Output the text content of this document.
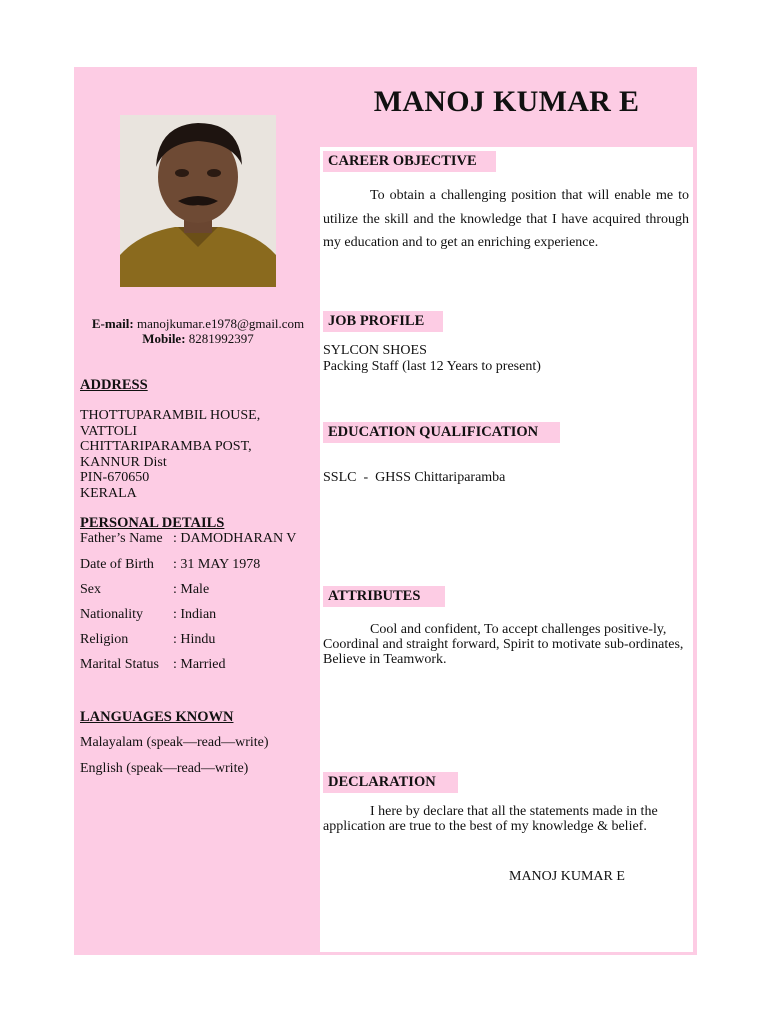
MANOJ KUMAR E
E-mail: manojkumar.e1978@gmail.com
Mobile: 8281992397
ADDRESS
THOTTUPARAMBIL HOUSE,
VATTOLI
CHITTARIPARAMBA POST,
KANNUR Dist
PIN-670650
KERALA
PERSONAL DETAILS
Father’s Name : DAMODHARAN V
Date of Birth : 31 MAY 1978
Sex	: Male
Nationality : Indian
Religion	: Hindu
Marital Status : Married
LANGUAGES KNOWN
Malayalam (speak—read—write)
English (speak—read—write)
CAREER OBJECTIVE
To obtain a challenging position that will enable me to utilize the skill and the knowledge that I have acquired through my education and to get an enriching experience.
JOB PROFILE
SYLCON SHOES
Packing Staff (last 12 Years to present)
EDUCATION QUALIFICATION
SSLC  -  GHSS Chittariparamba
ATTRIBUTES
Cool and confident, To accept challenges positive-ly, Coordinal and straight forward, Spirit to motivate sub-ordinates, Believe in Teamwork.
DECLARATION
I here by declare that all the statements made in the application are true to the best of my knowledge & belief.
MANOJ KUMAR E
